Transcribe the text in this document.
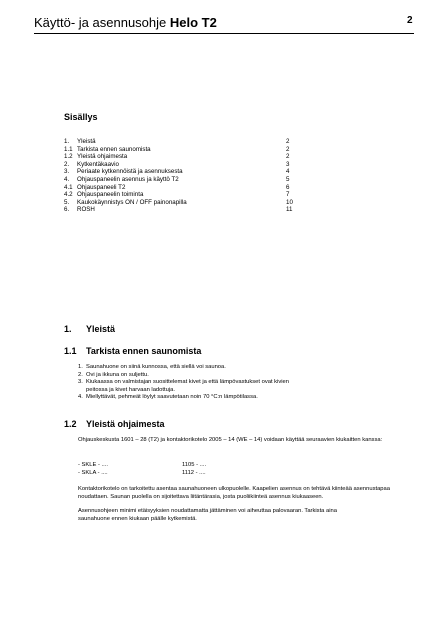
Käyttö- ja asennusohje Helo T2	2
Sisällys
1.	Yleistä	2
1.1 Tarkista ennen saunomista	2
1.2 Yleistä ohjaimesta	2
2.	Kytkentäkaavio	3
3.	Periaate kytkennöistä ja asennuksesta	4
4.	Ohjauspaneelin asennus ja käyttö T2	5
4.1 Ohjauspaneeli T2	6
4.2 Ohjauspaneelin toiminta	7
5.	Kaukokäynnistys ON / OFF painonapilla	10
6.	ROSH	11
1. Yleistä
1.1 Tarkista ennen saunomista
1. Saunahuone on siinä kunnossa, että siellä voi saunoa.
2. Ovi ja ikkuna on suljettu.
3. Kiukaassa on valmistajan suosittelemat kivet ja että lämpövastukset ovat kivien peitossa ja kivet harvaan ladottuja.
4. Miellyttävät, pehmeät löylyt saavutetaan noin 70 °C:n lämpötilassa.
1.2 Yleistä ohjaimesta
Ohjauskeskusta 1601 – 28 (T2) ja kontaktorikotelo 2005 – 14 (WE – 14) voidaan käyttää seuraavien kiukaitten kanssa:
- SKLE - ....	1105 - ....
- SKLA - ....	1112 - ....
Kontaktorikotelo on tarkoitettu asentaa saunahuoneen ulkopuolelle. Kaapelien asennus on tehtävä kiinteää asennustapaa noudattaen. Saunan puolella on sijoitettava liitäntärasia, josta puoliikiinteä asennus kiukaaseen.
Asennusohjeen minimi etäisyyksien noudattamatta jättäminen voi aiheuttaa palovaaran. Tarkista aina saunahuone ennen kiukaan päälle kytkemistä.
